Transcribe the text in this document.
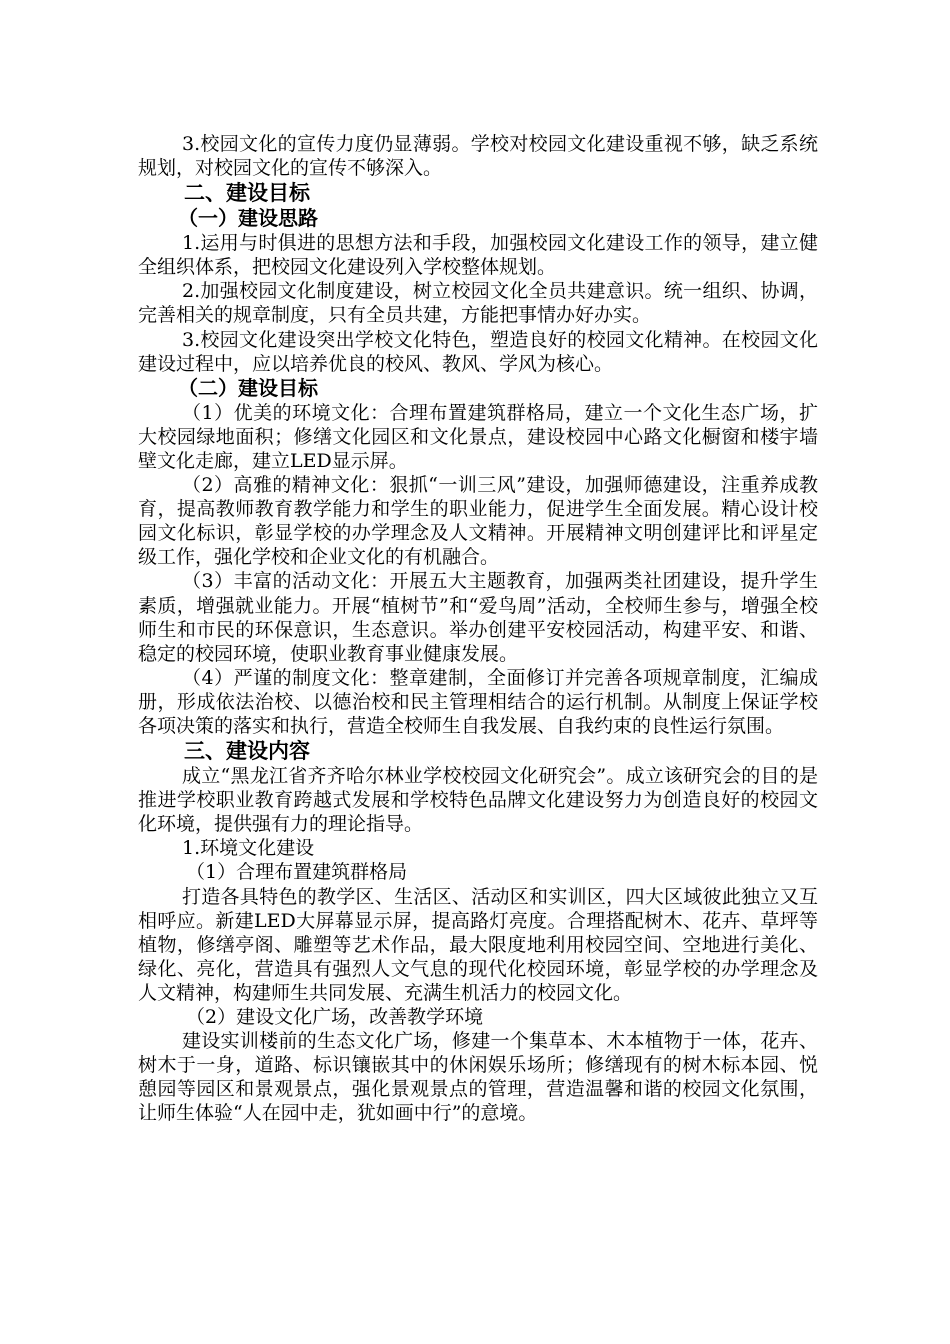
3.校园文化的宣传力度仍显薄弱。学校对校园文化建设重视不够，缺乏系统规划，对校园文化的宣传不够深入。

二、建设目标

（一）建设思路

1.运用与时俱进的思想方法和手段，加强校园文化建设工作的领导，建立健全组织体系，把校园文化建设列入学校整体规划。

2.加强校园文化制度建设，树立校园文化全员共建意识。统一组织、协调，完善相关的规章制度，只有全员共建，方能把事情办好办实。

3.校园文化建设突出学校文化特色，塑造良好的校园文化精神。在校园文化建设过程中，应以培养优良的校风、教风、学风为核心。

（二）建设目标

（1）优美的环境文化：合理布置建筑群格局，建立一个文化生态广场，扩大校园绿地面积；修缮文化园区和文化景点，建设校园中心路文化橱窗和楼宇墙壁文化走廊，建立LED显示屏。

（2）高雅的精神文化：狠抓“一训三风”建设，加强师德建设，注重养成教育，提高教师教育教学能力和学生的职业能力，促进学生全面发展。精心设计校园文化标识，彰显学校的办学理念及人文精神。开展精神文明创建评比和评星定级工作，强化学校和企业文化的有机融合。

（3）丰富的活动文化：开展五大主题教育，加强两类社团建设，提升学生素质，增强就业能力。开展“植树节”和“爱鸟周”活动，全校师生参与，增强全校师生和市民的环保意识，生态意识。举办创建平安校园活动，构建平安、和谐、稳定的校园环境，使职业教育事业健康发展。

（4）严谨的制度文化：整章建制，全面修订并完善各项规章制度，汇编成册，形成依法治校、以德治校和民主管理相结合的运行机制。从制度上保证学校各项决策的落实和执行，营造全校师生自我发展、自我约束的良性运行氛围。

三、建设内容

成立“黑龙江省齐齐哈尔林业学校校园文化研究会”。成立该研究会的目的是推进学校职业教育跨越式发展和学校特色品牌文化建设努力为创造良好的校园文化环境，提供强有力的理论指导。

1.环境文化建设

（1）合理布置建筑群格局

打造各具特色的教学区、生活区、活动区和实训区，四大区域彼此独立又互相呼应。新建LED大屏幕显示屏，提高路灯亮度。合理搭配树木、花卉、草坪等植物，修缮亭阁、雕塑等艺术作品，最大限度地利用校园空间、空地进行美化、绿化、亮化，营造具有强烈人文气息的现代化校园环境，彰显学校的办学理念及人文精神，构建师生共同发展、充满生机活力的校园文化。

（2）建设文化广场，改善教学环境

建设实训楼前的生态文化广场，修建一个集草本、木本植物于一体，花卉、树木于一身，道路、标识镶嵌其中的休闲娱乐场所；修缮现有的树木标本园、悦憩园等园区和景观景点，强化景观景点的管理，营造温馨和谐的校园文化氛围，让师生体验“人在园中走，犹如画中行”的意境。
